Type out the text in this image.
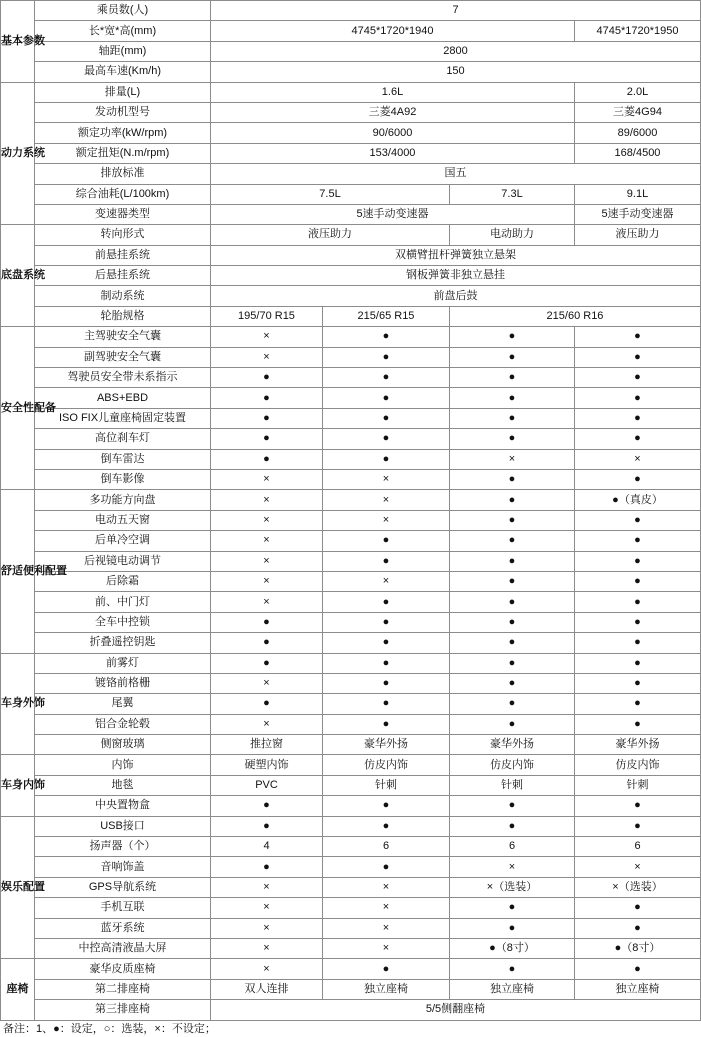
基本参数	乘员数(人)	7			
	长*宽*高(mm)	4745*1720*1940			4745*1720*1950
	轴距(mm)	2800			
	最高车速(Km/h)	150			
动力系统	排量(L)	1.6L			2.0L
	发动机型号	三菱4A92			三菱4G94
	额定功率(kW/rpm)	90/6000			89/6000
	额定扭矩(N.m/rpm)	153/4000			168/4500
	排放标准	国五			
	综合油耗(L/100km)	7.5L		7.3L	9.1L
	变速器类型	5速手动变速器			5速手动变速器
底盘系统	转向形式	液压助力		电动助力	液压助力
	前悬挂系统	双横臂扭杆弹簧独立悬架			
	后悬挂系统	钢板弹簧非独立悬挂			
	制动系统	前盘后鼓			
	轮胎规格	195/70 R15	215/65 R15	215/60 R16	
安全性配备	主驾驶安全气囊	×	●	●	●
	副驾驶安全气囊	×	●	●	●
	驾驶员安全带未系指示	●	●	●	●
	ABS+EBD	●	●	●	●
	ISO FIX儿童座椅固定装置	●	●	●	●
	高位刹车灯	●	●	●	●
	倒车雷达	●	●	×	×
	倒车影像	×	×	●	●
舒适便利配置	多功能方向盘	×	×	●	●（真皮）
	电动五天窗	×	×	●	●
	后单冷空调	×	●	●	●
	后视镜电动调节	×	●	●	●
	后除霜	×	×	●	●
	前、中门灯	×	●	●	●
	全车中控锁	●	●	●	●
	折叠遥控钥匙	●	●	●	●
车身外饰	前雾灯	●	●	●	●
	镀铬前格栅	×	●	●	●
	尾翼	●	●	●	●
	铝合金轮毂	×	●	●	●
	侧窗玻璃	推拉窗	豪华外扬	豪华外扬	豪华外扬
车身内饰	内饰	硬塑内饰	仿皮内饰	仿皮内饰	仿皮内饰
	地毯	PVC	针刺	针刺	针刺
	中央置物盒	●	●	●	●
娱乐配置	USB接口	●	●	●	●
	扬声器（个）	4	6	6	6
	音响饰盖	●	●	×	×
	GPS导航系统	×	×	×（选装）	×（选装）
	手机互联	×	×	●	●
	蓝牙系统	×	×	●	●
	中控高清液晶大屏	×	×	●（8寸）	●（8寸）
座椅	豪华皮质座椅	×	●	●	●
	第二排座椅	双人连排	独立座椅	独立座椅	独立座椅
	第三排座椅	5/5侧翻座椅			
备注：1、●：设定，○：选装，×：不设定；
